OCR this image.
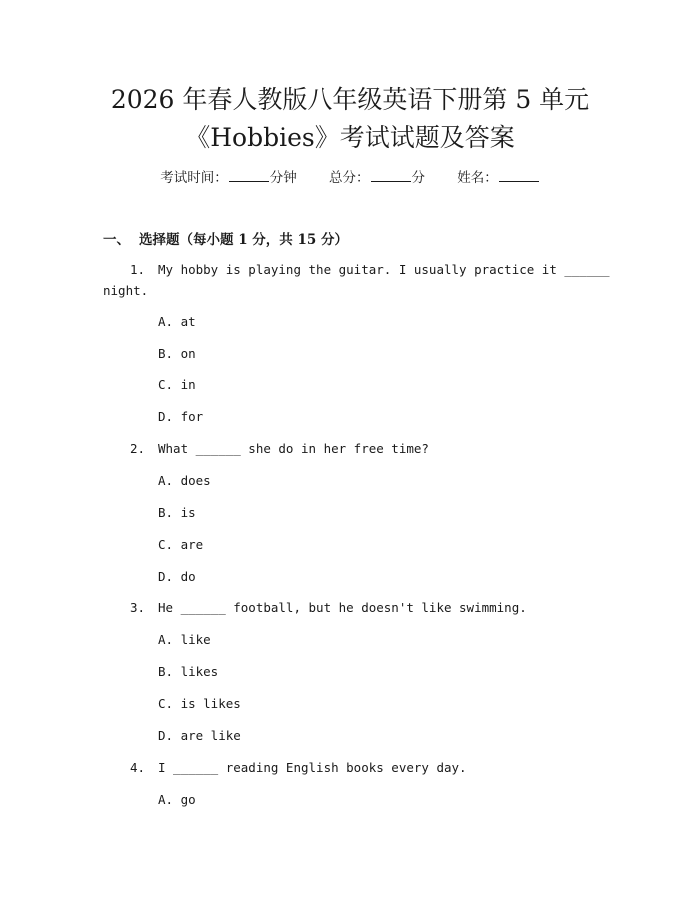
2026 年春人教版八年级英语下册第 5 单元
《Hobbies》考试试题及答案
考试时间：	分钟 总分：	分 姓名：
一、 选择题（每小题 1 分，共 15 分）
1. My hobby is playing the guitar. I usually practice it ______
night.
A. at
B. on
C. in
D. for
2. What ______ she do in her free time?
A. does
B. is
C. are
D. do
3. He ______ football, but he doesn't like swimming.
A. like
B. likes
C. is likes
D. are like
4. I ______ reading English books every day.
A. go
